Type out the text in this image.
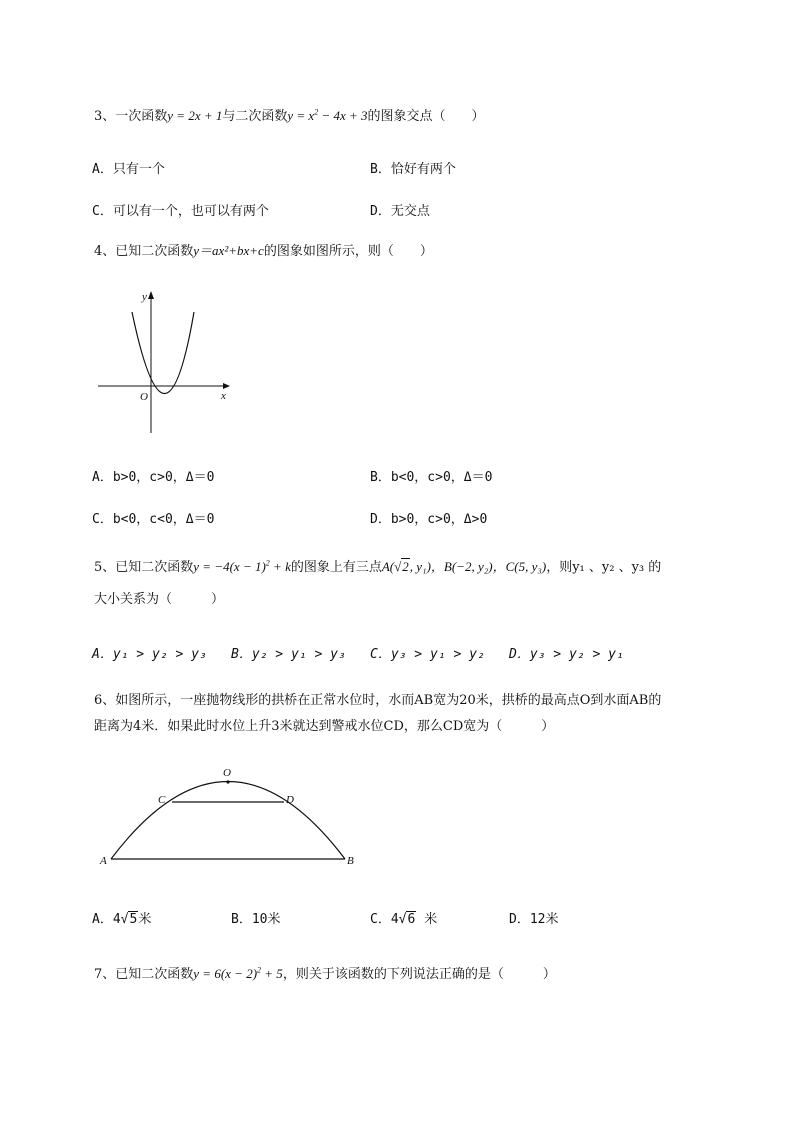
3、一次函数y = 2x + 1与二次函数$y = x^2 - 4x + 3$的图象交点（　　）
A．只有一个	B．恰好有两个
C．可以有一个，也可以有两个	D．无交点
4、已知二次函数y＝ax²+bx+c的图象如图所示，则（　　）
y
x
O
A．b>0，c>0，Δ＝0	B．b<0，c>0，Δ＝0
C．b<0，c<0，Δ＝0	D．b>0，c>0，Δ>0
5、已知二次函数$y = -4(x - 1)^2 + k$的图象上有三点A(√2, y₁)，B(−2, y₂)，C(5, y₃)，则y₁ 、y₂ 、y₃ 的
大小关系为（　　　）
A．y₁ > y₂ > y₃ B．y₂ > y₁ > y₃ C．y₃ > y₁ > y₂ D．y₃ > y₂ > y₁
6、如图所示，一座抛物线形的拱桥在正常水位时，水而AB宽为20米，拱桥的最高点O到水面AB的
距离为4米．如果此时水位上升3米就达到警戒水位CD，那么CD宽为（　　　）
O
C	D
A	B
A．4√5米	B．10米	C．4√6 米	D．12米
7、已知二次函数$y = 6(x - 2)^2 + 5$，则关于该函数的下列说法正确的是（　　　）
